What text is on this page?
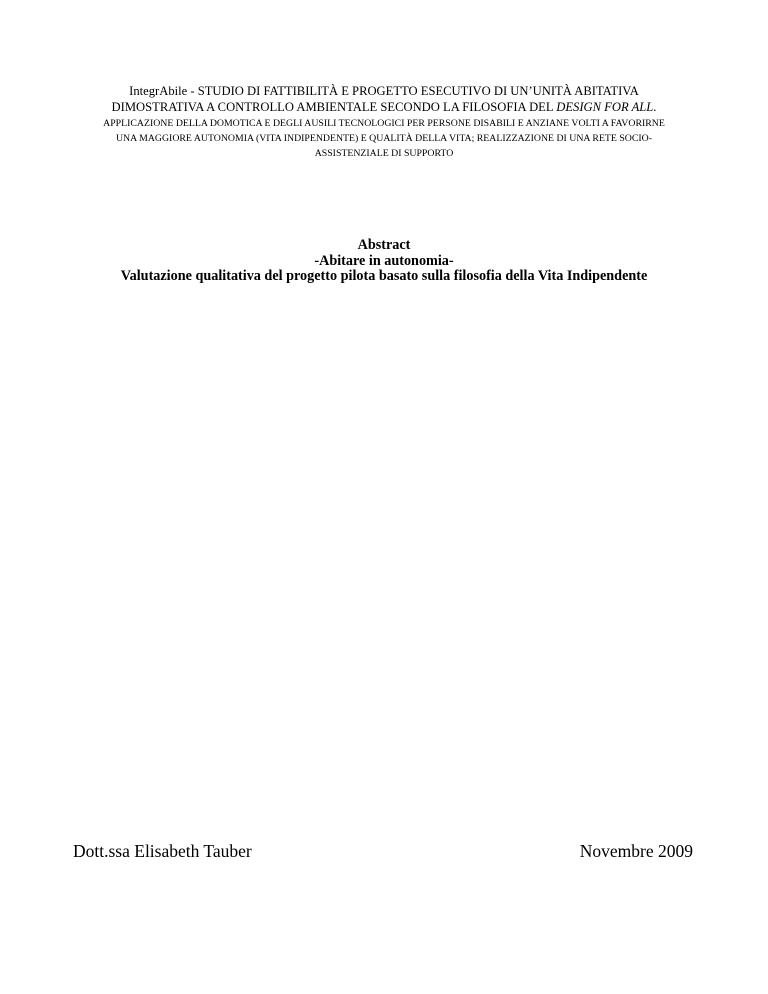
IntegrAbile - STUDIO DI FATTIBILITÀ E PROGETTO ESECUTIVO DI UN’UNITÀ ABITATIVA
DIMOSTRATIVA A CONTROLLO AMBIENTALE SECONDO LA FILOSOFIA DEL DESIGN FOR ALL.
APPLICAZIONE DELLA DOMOTICA E DEGLI AUSILI TECNOLOGICI PER PERSONE DISABILI E ANZIANE VOLTI A FAVORIRNE
UNA MAGGIORE AUTONOMIA (VITA INDIPENDENTE) E QUALITÀ DELLA VITA; REALIZZAZIONE DI UNA RETE SOCIO-
ASSISTENZIALE DI SUPPORTO
Abstract
-Abitare in autonomia-
Valutazione qualitativa del progetto pilota basato sulla filosofia della Vita Indipendente
Dott.ssa Elisabeth Tauber	Novembre 2009
